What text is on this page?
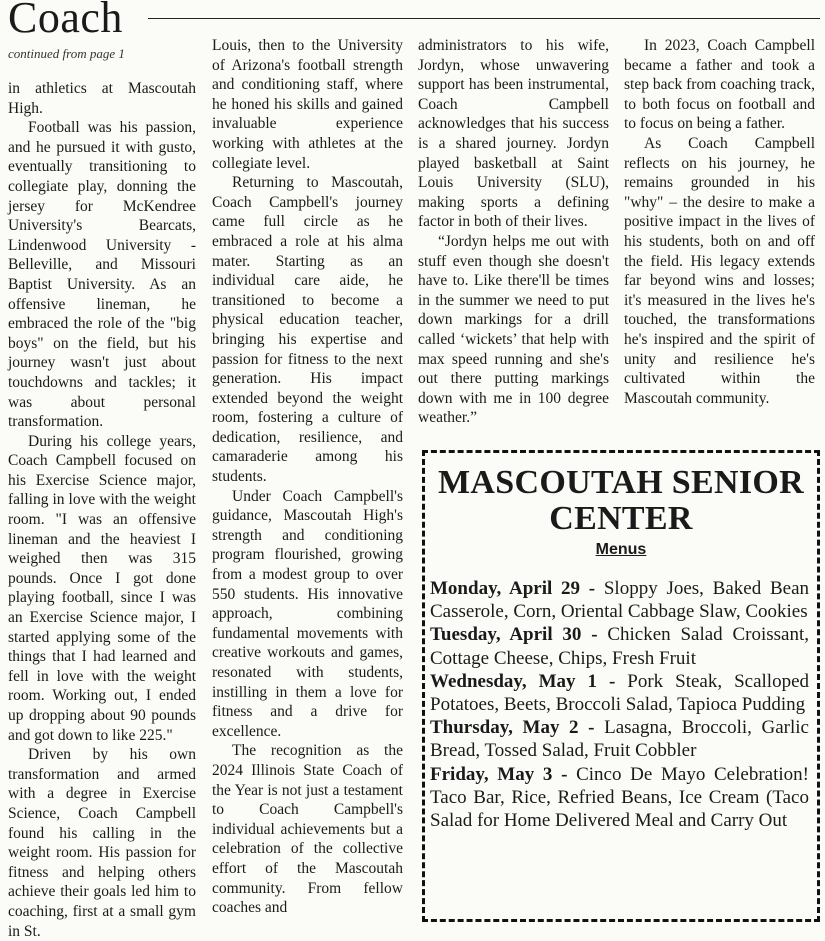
Coach
continued from page 1

in athletics at Mascoutah High.

Football was his passion, and he pursued it with gusto, eventually transitioning to collegiate play, donning the jersey for McKendree University's Bearcats, Lindenwood University - Belleville, and Missouri Baptist University. As an offensive lineman, he embraced the role of the "big boys" on the field, but his journey wasn't just about touchdowns and tackles; it was about personal transformation.

During his college years, Coach Campbell focused on his Exercise Science major, falling in love with the weight room. "I was an offensive lineman and the heaviest I weighed then was 315 pounds. Once I got done playing football, since I was an Exercise Science major, I started applying some of the things that I had learned and fell in love with the weight room. Working out, I ended up dropping about 90 pounds and got down to like 225."

Driven by his own transformation and armed with a degree in Exercise Science, Coach Campbell found his calling in the weight room. His passion for fitness and helping others achieve their goals led him to coaching, first at a small gym in St.

Louis, then to the University of Arizona's football strength and conditioning staff, where he honed his skills and gained invaluable experience working with athletes at the collegiate level.

Returning to Mascoutah, Coach Campbell's journey came full circle as he embraced a role at his alma mater. Starting as an individual care aide, he transitioned to become a physical education teacher, bringing his expertise and passion for fitness to the next generation. His impact extended beyond the weight room, fostering a culture of dedication, resilience, and camaraderie among his students.

Under Coach Campbell's guidance, Mascoutah High's strength and conditioning program flourished, growing from a modest group to over 550 students. His innovative approach, combining fundamental movements with creative workouts and games, resonated with students, instilling in them a love for fitness and a drive for excellence.

The recognition as the 2024 Illinois State Coach of the Year is not just a testament to Coach Campbell's individual achievements but a celebration of the collective effort of the Mascoutah community. From fellow coaches and

administrators to his wife, Jordyn, whose unwavering support has been instrumental, Coach Campbell acknowledges that his success is a shared journey. Jordyn played basketball at Saint Louis University (SLU), making sports a defining factor in both of their lives.

“Jordyn helps me out with stuff even though she doesn't have to. Like there'll be times in the summer we need to put down markings for a drill called ‘wickets’ that help with max speed running and she's out there putting markings down with me in 100 degree weather.”

In 2023, Coach Campbell became a father and took a step back from coaching track, to both focus on football and to focus on being a father.

As Coach Campbell reflects on his journey, he remains grounded in his "why" – the desire to make a positive impact in the lives of his students, both on and off the field. His legacy extends far beyond wins and losses; it's measured in the lives he's touched, the transformations he's inspired and the spirit of unity and resilience he's cultivated within the Mascoutah community.

MASCOUTAH SENIOR
CENTER
Menus

Monday, April 29 - Sloppy Joes, Baked Bean Casserole, Corn, Oriental Cabbage Slaw, Cookies

Tuesday, April 30 - Chicken Salad Croissant, Cottage Cheese, Chips, Fresh Fruit

Wednesday, May 1 - Pork Steak, Scalloped Potatoes, Beets, Broccoli Salad, Tapioca Pudding

Thursday, May 2 - Lasagna, Broccoli, Garlic Bread, Tossed Salad, Fruit Cobbler

Friday, May 3 - Cinco De Mayo Celebration! Taco Bar, Rice, Refried Beans, Ice Cream (Taco Salad for Home Delivered Meal and Carry Out
